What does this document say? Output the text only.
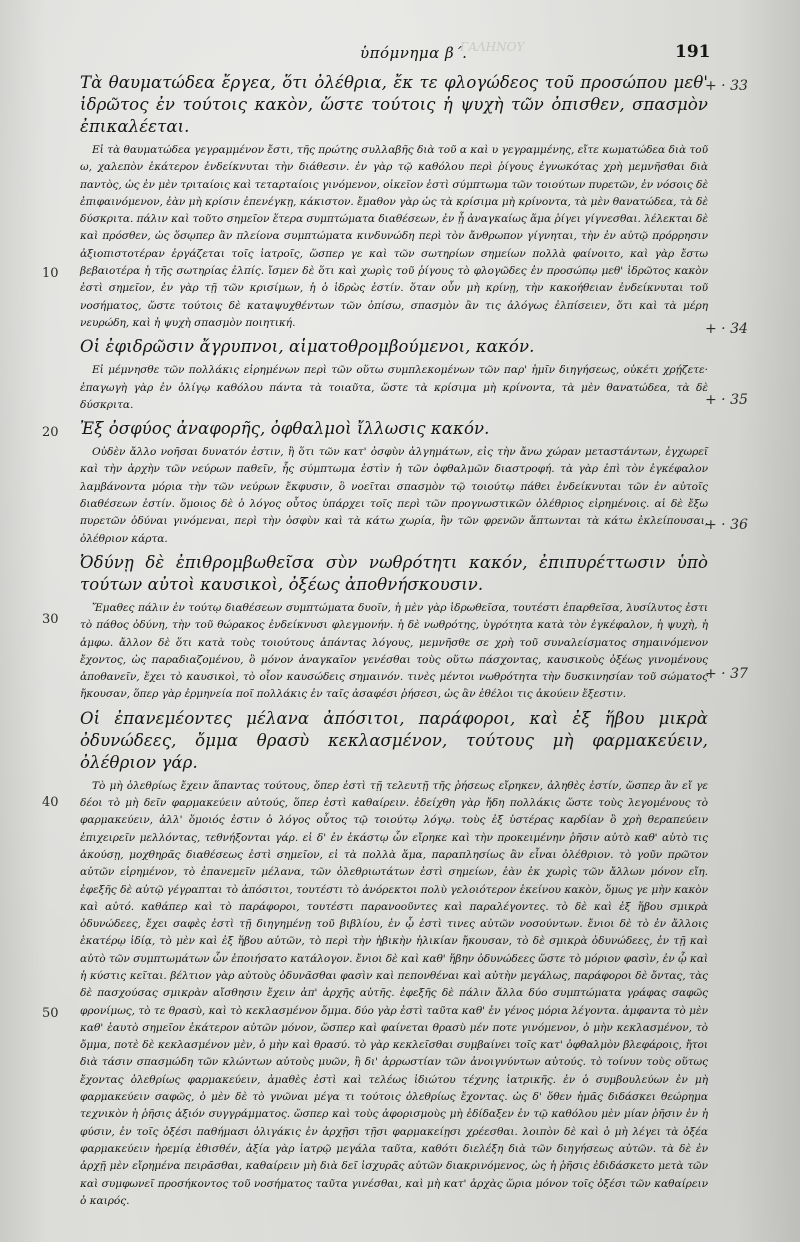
ΓΑΛΗΝΟΥ
ὑπόμνημα β΄.	191
+ · 33
+ · 34
+ · 35
+ · 36
+ · 37
10
20
30
40
50

Τὰ θαυματώδεα ἔργεα, ὅτι ὀλέθρια, ἔκ τε φλογώδεος τοῦ προσώπου μεθ' ἱδρῶτος ἐν τούτοις κακὸν, ὥστε τούτοις ἡ ψυχὴ τῶν ὀπισθεν, σπασμὸν ἐπικαλέεται.

Εἰ τὰ θαυματώδεα γεγραμμένον ἔστι, τῆς πρώτης συλλαβῆς διὰ τοῦ α καὶ υ γεγραμμένης, εἴτε κωματώδεα διὰ τοῦ ω, χαλεπὸν ἑκάτερον ἐνδείκνυται τὴν διάθεσιν. ἐν γὰρ τῷ καθόλου περὶ ῥίγους ἐγνωκότας χρὴ μεμνῆσθαι διὰ παντὸς, ὡς ἐν μὲν τριταίοις καὶ τεταρταίοις γινόμενον, οἰκεῖον ἐστὶ σύμπτωμα τῶν τοιούτων πυρετῶν, ἐν νόσοις δὲ ἐπιφαινόμενον, ἐὰν μὴ κρίσιν ἐπενέγκῃ, κάκιστον. ἔμαθον γὰρ ὡς τὰ κρίσιμα μὴ κρίνοντα, τὰ μὲν θανατώδεα, τὰ δὲ δύσκριτα. πάλιν καὶ τοῦτο σημεῖον ἕτερα συμπτώματα διαθέσεων, ἐν ᾗ ἀναγκαίως ἅμα ῥίγει γίγνεσθαι. λέλεκται δὲ καὶ πρόσθεν, ὡς ὅσῳπερ ἂν πλείονα συμπτώματα κινδυνώδη περὶ τὸν ἄνθρωπον γίγνηται, τὴν ἐν αὐτῷ πρόρρησιν ἀξιοπιστοτέραν ἐργάζεται τοῖς ἰατροῖς, ὥσπερ γε καὶ τῶν σωτηρίων σημείων πολλὰ φαίνοιτο, καὶ γὰρ ἔστω βεβαιοτέρα ἡ τῆς σωτηρίας ἐλπίς. ἴσμεν δὲ ὅτι καὶ χωρὶς τοῦ ῥίγους τὸ φλογῶδες ἐν προσώπῳ μεθ' ἱδρῶτος κακὸν ἐστὶ σημεῖον, ἐν γὰρ τῇ τῶν κρισίμων, ἡ ὁ ἱδρὼς ἐστίν. ὅταν οὖν μὴ κρίνῃ, τὴν κακοήθειαν ἐνδείκνυται τοῦ νοσήματος, ὥστε τούτοις δὲ καταψυχθέντων τῶν ὀπίσω, σπασμὸν ἂν τις ἀλόγως ἐλπίσειεν, ὅτι καὶ τὰ μέρη νευρώδη, καὶ ἡ ψυχὴ σπασμὸν ποιητική.

Οἱ ἐφιδρῶσιν ἄγρυπνοι, αἱματοθρομβούμενοι, κακόν.

Εἰ μέμνησθε τῶν πολλάκις εἰρημένων περὶ τῶν οὕτω συμπλεκομένων τῶν παρ' ἡμῖν διηγήσεως, οὐκέτι χρῄζετε· ἐπαγωγὴ γὰρ ἐν ὀλίγῳ καθόλου πάντα τὰ τοιαῦτα, ὥστε τὰ κρίσιμα μὴ κρίνοντα, τὰ μὲν θανατώδεα, τὰ δὲ δύσκριτα.

Ἐξ ὀσφύος ἀναφορῆς, ὀφθαλμοὶ ἴλλωσις κακόν.

Οὐδὲν ἄλλο νοῆσαι δυνατόν ἐστιν, ἢ ὅτι τῶν κατ' ὀσφὺν ἀλγημάτων, εἰς τὴν ἄνω χώραν μεταστάντων, ἐγχωρεῖ καὶ τὴν ἀρχὴν τῶν νεύρων παθεῖν, ἧς σύμπτωμα ἐστὶν ἡ τῶν ὀφθαλμῶν διαστροφή. τὰ γὰρ ἐπὶ τὸν ἐγκέφαλον λαμβάνοντα μόρια τὴν τῶν νεύρων ἔκφυσιν, ὃ νοεῖται σπασμὸν τῷ τοιούτῳ πάθει ἐνδείκνυται τῶν ἐν αὐτοῖς διαθέσεων ἐστίν. ὅμοιος δὲ ὁ λόγος οὗτος ὑπάρχει τοῖς περὶ τῶν προγνωστικῶν ὀλέθριος εἰρημένοις. αἱ δὲ ἔξω πυρετῶν ὀδύναι γινόμεναι, περὶ τὴν ὀσφὺν καὶ τὰ κάτω χωρία, ἢν τῶν φρενῶν ἅπτωνται τὰ κάτω ἐκλείπουσαι, ὀλέθριον κάρτα.

Ὀδύνῃ δὲ ἐπιθρομβωθεῖσα σὺν νωθρότητι κακόν, ἐπιπυρέττωσιν ὑπὸ τούτων αὐτοὶ καυσικοὶ, ὀξέως ἀποθνήσκουσιν.

Ἔμαθες πάλιν ἐν τούτῳ διαθέσεων συμπτώματα δυοῖν, ἡ μὲν γὰρ ἱδρωθεῖσα, τουτέστι ἐπαρθεῖσα, λυσίλυτος ἐστι τὸ πάθος ὀδύνη, τὴν τοῦ θώρακος ἐνδείκνυσι φλεγμονήν. ἡ δὲ νωθρότης, ὑγρότητα κατὰ τὸν ἐγκέφαλον, ἡ ψυχὴ, ἡ ἀμφω. ἄλλον δὲ ὅτι κατὰ τοὺς τοιούτους ἀπάντας λόγους, μεμνῆσθε σε χρὴ τοῦ συναλείσματος σημαινόμενον ἔχοντος, ὡς παραδιαζομένου, ὃ μόνον ἀναγκαῖον γενέσθαι τοὺς οὕτω πάσχοντας, καυσικοὺς ὀξέως γινομένους ἀποθανεῖν, ἔχει τὸ καυσικοὶ, τὸ οἷον καυσώδεις σημαινόν. τινὲς μέντοι νωθρότητα τὴν δυσκινησίαν τοῦ σώματος ἤκουσαν, ὅπερ γὰρ ἐρμηνεία ποῖ πολλάκις ἐν ταῖς ἀσαφέσι ῥήσεσι, ὡς ἂν ἐθέλοι τις ἀκούειν ἔξεστιν.

Οἱ ἐπανεμέοντες μέλανα ἀπόσιτοι, παράφοροι, καὶ ἐξ ἥβου μικρὰ ὀδυνώδεες, ὄμμα θρασὺ κεκλασμένον, τούτους μὴ φαρμακεύειν, ὀλέθριον γάρ.

Τὸ μὴ ὀλεθρίως ἔχειν ἅπαντας τούτους, ὅπερ ἐστὶ τῇ τελευτῇ τῆς ῥήσεως εἴρηκεν, ἀληθὲς ἐστίν, ὥσπερ ἂν εἴ γε δέοι τὸ μὴ δεῖν φαρμακεύειν αὐτούς, ὅπερ ἐστὶ καθαίρειν. ἐδείχθη γὰρ ἤδη πολλάκις ὥστε τοὺς λεγομένους τὸ φαρμακεύειν, ἀλλ' ὅμοιός ἐστιν ὁ λόγος οὗτος τῷ τοιούτῳ λόγῳ. τοὺς ἐξ ὑστέρας καρδίαν ὃ χρὴ θεραπεύειν ἐπιχειρεῖν μελλόντας, τεθνήξονται γάρ. εἰ δ' ἐν ἑκάστῳ ὧν εἴρηκε καὶ τὴν προκειμένην ῥῆσιν αὐτὸ καθ' αὑτὸ τις ἀκούσῃ, μοχθηρᾶς διαθέσεως ἐστὶ σημεῖον, εἰ τὰ πολλὰ ἅμα, παραπλησίως ἂν εἶναι ὀλέθριον. τὸ γοῦν πρῶτον αὐτῶν εἰρημένον, τὸ ἐπανεμεῖν μέλανα, τῶν ὀλεθριωτάτων ἐστὶ σημείων, ἐὰν ἐκ χωρὶς τῶν ἄλλων μόνον εἴη. ἐφεξῆς δὲ αὐτῷ γέγραπται τὸ ἀπόσιτοι, τουτέστι τὸ ἀνόρεκτοι πολὺ γελοιότερον ἐκείνου κακὸν, ὅμως γε μὴν κακὸν καὶ αὐτό. καθάπερ καὶ τὸ παράφοροι, τουτέστι παρανοοῦντες καὶ παραλέγοντες. τὸ δὲ καὶ ἐξ ἥβου σμικρὰ ὀδυνώδεες, ἔχει σαφὲς ἐστὶ τῇ διηγημένῃ τοῦ βιβλίου, ἐν ᾧ ἐστὶ τινες αὐτῶν νοσούντων. ἔνιοι δὲ τὸ ἐν ἄλλοις ἑκατέρῳ ἰδίᾳ, τὸ μὲν καὶ ἐξ ἥβου αὐτῶν, τὸ περὶ τὴν ἡβικὴν ἡλικίαν ἤκουσαν, τὸ δὲ σμικρὰ ὀδυνώδεες, ἐν τῇ καὶ αὐτὸ τῶν συμπτωμάτων ὧν ἐποιήσατο κατάλογον. ἔνιοι δὲ καὶ καθ' ἥβην ὀδυνώδεες ὥστε τὸ μόριον φασὶν, ἐν ᾧ καὶ ἡ κύστις κεῖται. βέλτιον γὰρ αὐτοὺς ὀδυνᾶσθαι φασὶν καὶ πεπονθέναι καὶ αὐτὴν μεγάλως, παράφοροι δὲ ὄντας, τὰς δὲ πασχούσας σμικρὰν αἴσθησιν ἔχειν ἀπ' ἀρχῆς αὐτῆς. ἐφεξῆς δὲ πάλιν ἄλλα δύο συμπτώματα γράφας σαφῶς φρονίμως, τὸ τε θρασὺ, καὶ τὸ κεκλασμένον ὄμμα. δύο γὰρ ἐστὶ ταῦτα καθ' ἑν γένος μόρια λέγοντα. ἀμφαντα τὸ μὲν καθ' ἑαυτὸ σημεῖον ἑκάτερον αὐτῶν μόνον, ὥσπερ καὶ φαίνεται θρασὺ μέν ποτε γινόμενον, ὁ μὴν κεκλασμένον, τὸ ὄμμα, ποτὲ δὲ κεκλασμένον μὲν, ὁ μὴν καὶ θρασύ. τὸ γὰρ κεκλεῖσθαι συμβαίνει τοῖς κατ' ὀφθαλμὸν βλεφάροις, ἤτοι διὰ τάσιν σπασμώδη τῶν κλώντων αὐτοὺς μυῶν, ἢ δι' ἀρρωστίαν τῶν ἀνοιγνύντων αὐτούς. τὸ τοίνυν τοὺς οὕτως ἔχοντας ὀλεθρίως φαρμακεύειν, ἁμαθὲς ἐστὶ καὶ τελέως ἰδιώτου τέχνης ἰατρικῆς. ἐν ὁ συμβουλεύων ἐν μὴ φαρμακεύειν σαφῶς, ὁ μὲν δὲ τὸ γνῶναι μέγα τι τούτοις ὀλεθρίως ἔχοντας. ὡς δ' ὅθεν ἡμᾶς διδάσκει θεώρημα τεχνικὸν ἡ ῥῆσις ἀξιόν συγγράμματος. ὥσπερ καὶ τοὺς ἀφορισμοὺς μὴ ἐδίδαξεν ἐν τῷ καθόλου μὲν μίαν ῥῆσιν ἐν ἡ φύσιν, ἐν τοῖς ὀξέσι παθήμασι ὀλιγάκις ἐν ἀρχῇσι τῇσι φαρμακείῃσι χρέεσθαι. λοιπὸν δὲ καὶ ὁ μὴ λέγει τὰ ὀξέα φαρμακεύειν ἠρεμίᾳ ἐθισθέν, ἀξία γὰρ ἰατρῷ μεγάλα ταῦτα, καθότι διελέξη διὰ τῶν διηγήσεως αὐτῶν. τὰ δὲ ἐν ἀρχῇ μὲν εἴρημένα πειρᾶσθαι, καθαίρειν μὴ διὰ δεῖ ἰσχυρᾶς αὐτῶν διακρινόμενος, ὡς ἡ ῥῆσις ἐδιδάσκετο μετὰ τῶν καὶ συμφωνεῖ προσήκοντος τοῦ νοσήματος ταῦτα γινέσθαι, καὶ μὴ κατ' ἀρχὰς ὥρια μόνον τοῖς ὀξέσι τῶν καθαίρειν ὁ καιρός.
